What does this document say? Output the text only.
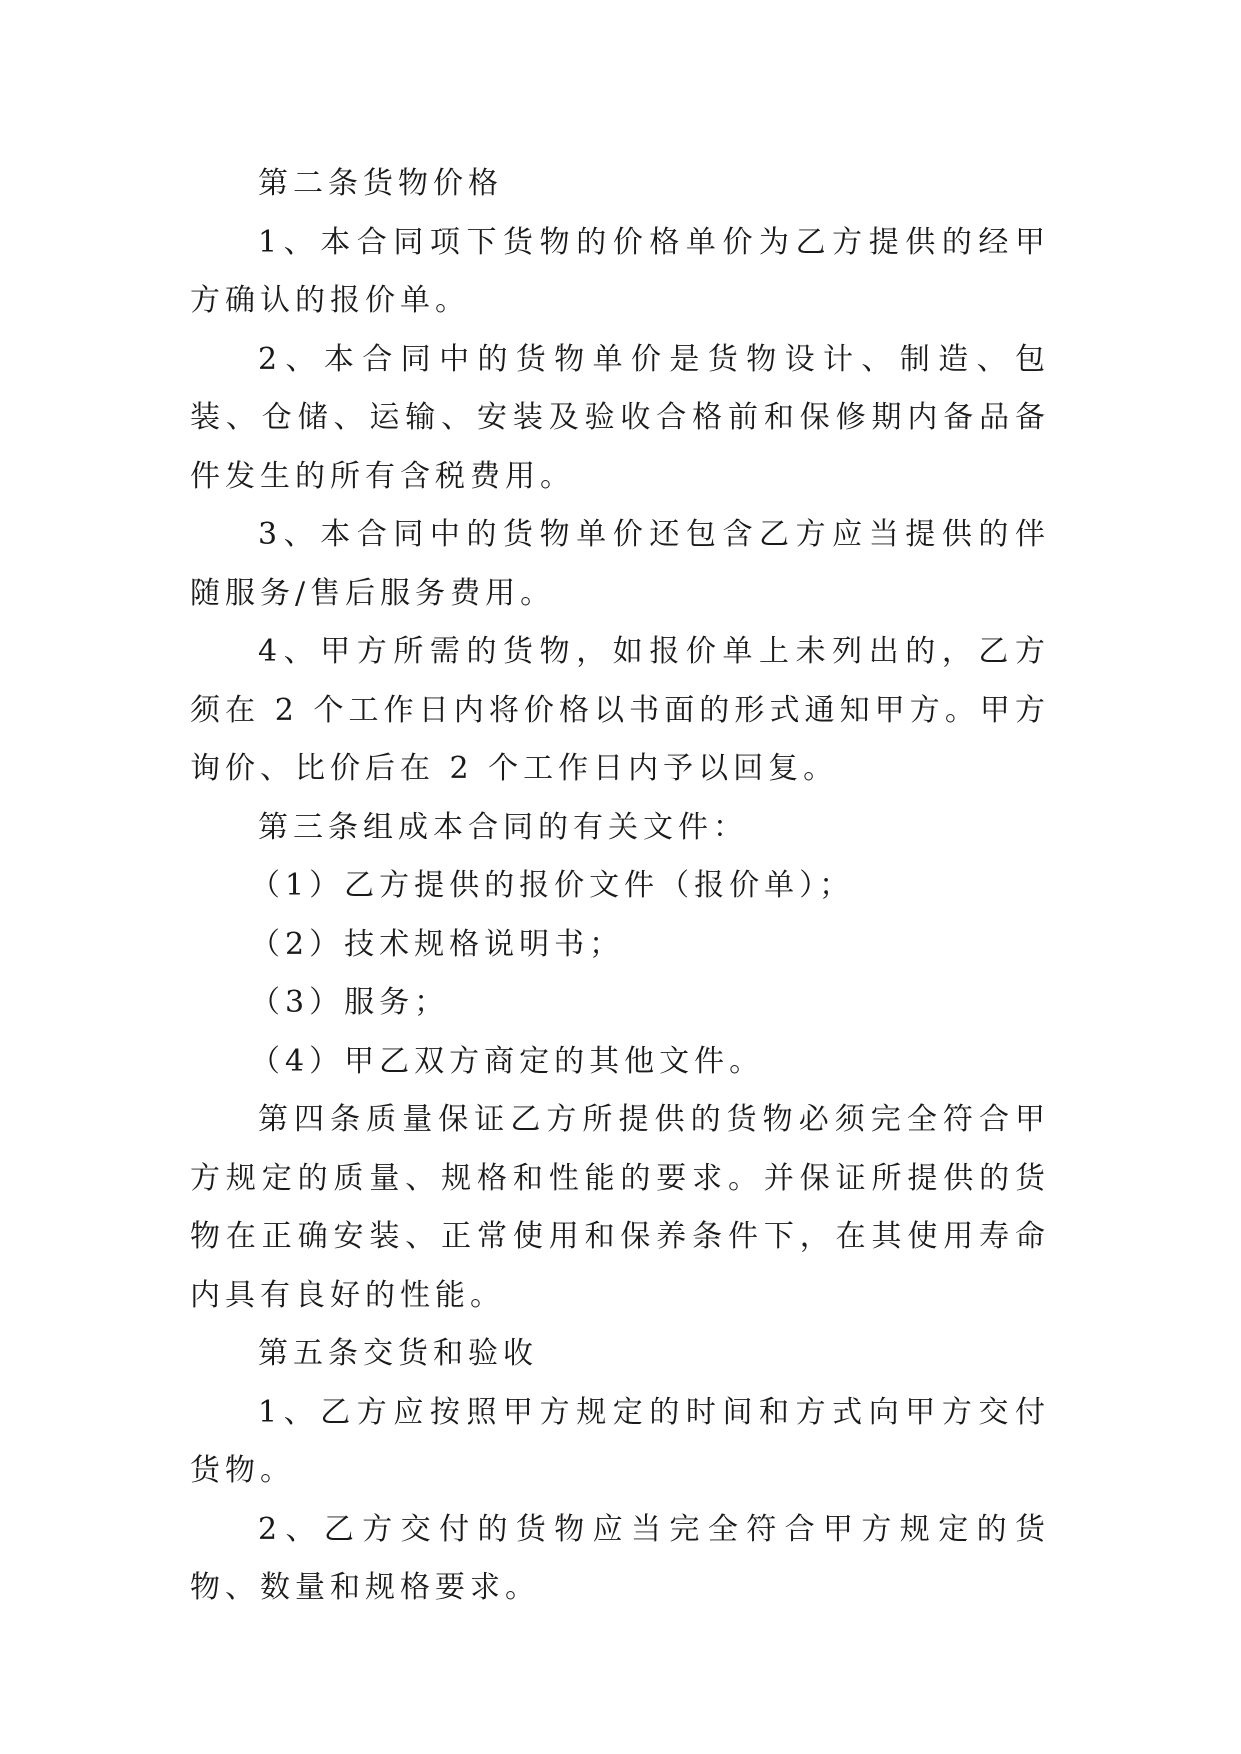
第二条货物价格

1、本合同项下货物的价格单价为乙方提供的经甲方确认的报价单。

2、本合同中的货物单价是货物设计、制造、包装、仓储、运输、安装及验收合格前和保修期内备品备件发生的所有含税费用。

3、本合同中的货物单价还包含乙方应当提供的伴随服务/售后服务费用。

4、甲方所需的货物，如报价单上未列出的，乙方须在 2 个工作日内将价格以书面的形式通知甲方。甲方询价、比价后在 2 个工作日内予以回复。

第三条组成本合同的有关文件：

（1）乙方提供的报价文件（报价单）；

（2）技术规格说明书；

（3）服务；

（4）甲乙双方商定的其他文件。

第四条质量保证乙方所提供的货物必须完全符合甲方规定的质量、规格和性能的要求。并保证所提供的货物在正确安装、正常使用和保养条件下，在其使用寿命内具有良好的性能。

第五条交货和验收

1、乙方应按照甲方规定的时间和方式向甲方交付货物。

2、乙方交付的货物应当完全符合甲方规定的货物、数量和规格要求。
